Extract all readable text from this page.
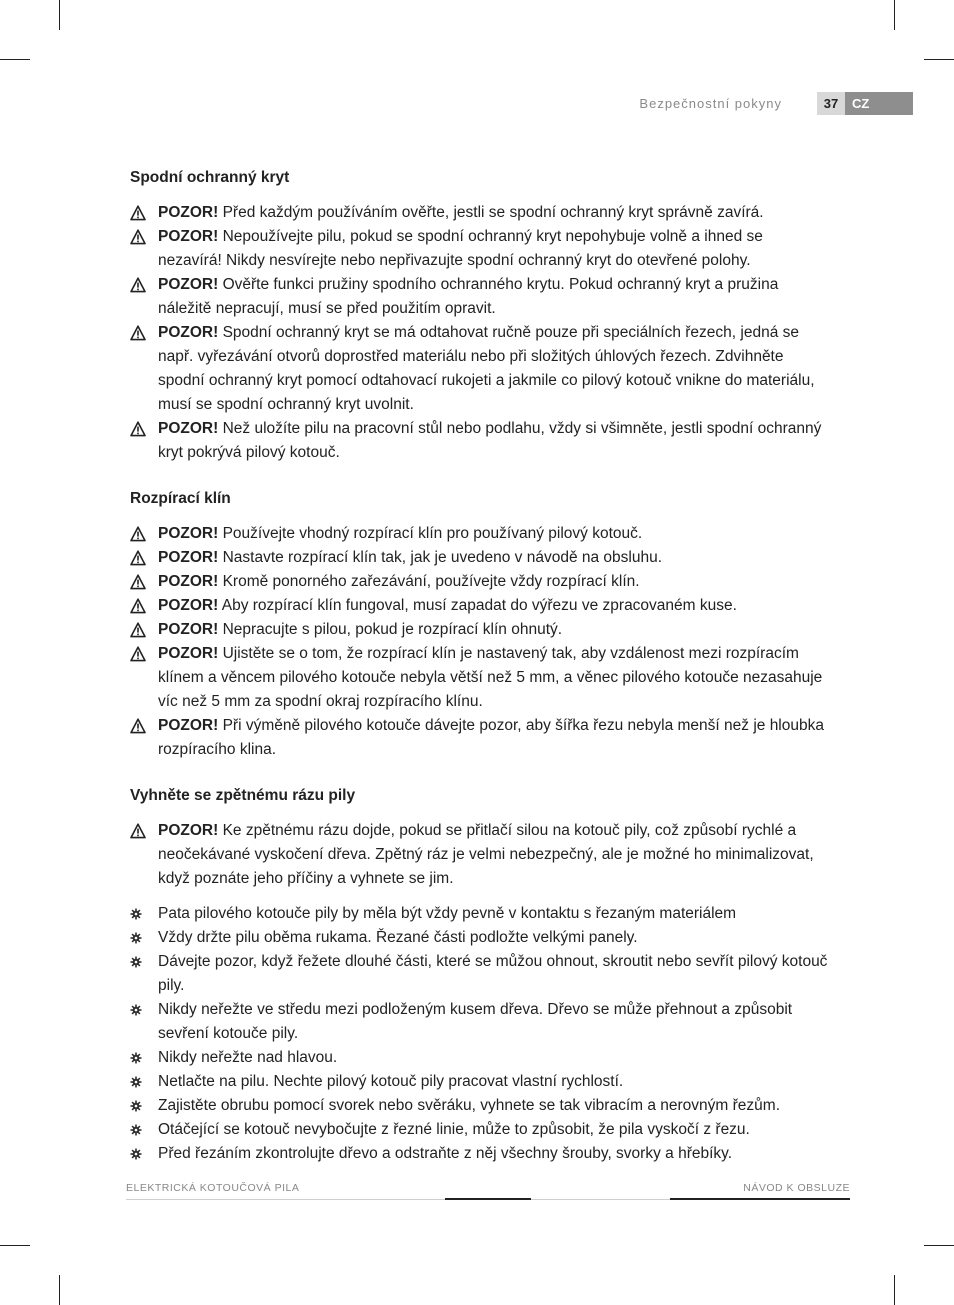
Bezpečnostní pokyny	37	CZ
Spodní ochranný kryt
POZOR! Před každým používáním ověřte, jestli se spodní ochranný kryt správně zavírá.
POZOR! Nepoužívejte pilu, pokud se spodní ochranný kryt nepohybuje volně a ihned se nezavírá! Nikdy nesvírejte nebo nepřivazujte spodní ochranný kryt do otevřené polohy.
POZOR! Ověřte funkci pružiny spodního ochranného krytu. Pokud ochranný kryt a pružina náležitě nepracují, musí se před použitím opravit.
POZOR! Spodní ochranný kryt se má odtahovat ručně pouze při speciálních řezech, jedná se např. vyřezávání otvorů doprostřed materiálu nebo při složitých úhlových řezech. Zdvihněte spodní ochranný kryt pomocí odtahovací rukojeti a jakmile co pilový kotouč vnikne do materiálu, musí se spodní ochranný kryt uvolnit.
POZOR! Než uložíte pilu na pracovní stůl nebo podlahu, vždy si všimněte, jestli spodní ochranný kryt pokrývá pilový kotouč.
Rozpírací klín
POZOR! Používejte vhodný rozpírací klín pro používaný pilový kotouč.
POZOR! Nastavte rozpírací klín tak, jak je uvedeno v návodě na obsluhu.
POZOR! Kromě ponorného zařezávání, používejte vždy rozpírací klín.
POZOR! Aby rozpírací klín fungoval, musí zapadat do výřezu ve zpracovaném kuse.
POZOR! Nepracujte s pilou, pokud je rozpírací klín ohnutý.
POZOR! Ujistěte se o tom, že rozpírací klín je nastavený tak, aby vzdálenost mezi rozpíracím klínem a věncem pilového kotouče nebyla větší než 5 mm, a věnec pilového kotouče nezasahuje víc než 5 mm za spodní okraj rozpíracího klínu.
POZOR! Při výměně pilového kotouče dávejte pozor, aby šířka řezu nebyla menší než je hloubka rozpíracího klina.
Vyhněte se zpětnému rázu pily
POZOR! Ke zpětnému rázu dojde, pokud se přitlačí silou na kotouč pily, což způsobí rychlé a neočekávané vyskočení dřeva. Zpětný ráz je velmi nebezpečný, ale je možné ho minimalizovat, když poznáte jeho příčiny a vyhnete se jim.
Pata pilového kotouče pily by měla být vždy pevně v kontaktu s řezaným materiálem
Vždy držte pilu oběma rukama. Řezané části podložte velkými panely.
Dávejte pozor, když řežete dlouhé části, které se můžou ohnout, skroutit nebo sevřít pilový kotouč pily.
Nikdy neřežte ve středu mezi podloženým kusem dřeva. Dřevo se může přehnout a způsobit sevření kotouče pily.
Nikdy neřežte nad hlavou.
Netlačte na pilu. Nechte pilový kotouč pily pracovat vlastní rychlostí.
Zajistěte obrubu pomocí svorek nebo svěráku, vyhnete se tak vibracím a nerovným řezům.
Otáčející se kotouč nevybočujte z řezné linie, může to způsobit, že pila vyskočí z řezu.
Před řezáním zkontrolujte dřevo a odstraňte z něj všechny šrouby, svorky a hřebíky.
ELEKTRICKÁ KOTOUČOVÁ PILA	NÁVOD K OBSLUZE
